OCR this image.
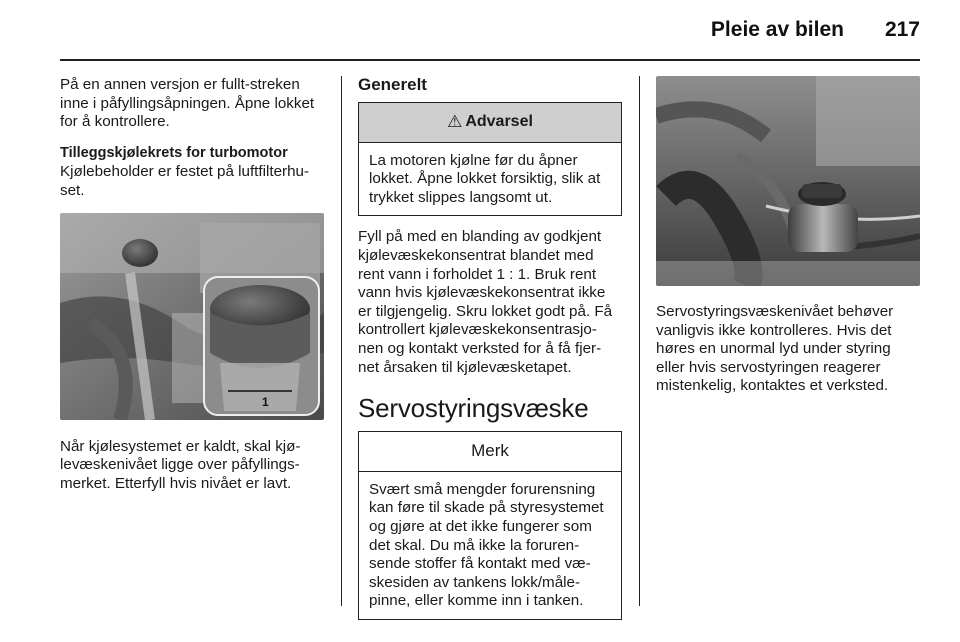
Pleie av bilen 217

På en annen versjon er fullt-streken inne i påfyllingsåpningen. Åpne lokket for å kontrollere.

Tilleggskjølekrets for turbomotor

Kjølebeholder er festet på luftfilterhu-set.

1

Når kjølesystemet er kaldt, skal kjø-levæskenivået ligge over påfyllings-merket. Etterfyll hvis nivået er lavt.

Generelt

⚠ Advarsel

La motoren kjølne før du åpner lokket. Åpne lokket forsiktig, slik at trykket slippes langsomt ut.

Fyll på med en blanding av godkjent kjølevæskekonsentrat blandet med rent vann i forholdet 1 : 1. Bruk rent vann hvis kjølevæskekonsentrat ikke er tilgjengelig. Skru lokket godt på. Få kontrollert kjølevæskekonsentrasjo-nen og kontakt verksted for å få fjer-net årsaken til kjølevæsketapet.

Servostyringsvæske

Merk

Svært små mengder forurensning kan føre til skade på styresystemet og gjøre at det ikke fungerer som det skal. Du må ikke la foruren-sende stoffer få kontakt med væ-skesiden av tankens lokk/måle-pinne, eller komme inn i tanken.

Servostyringsvæskenivået behøver vanligvis ikke kontrolleres. Hvis det høres en unormal lyd under styring eller hvis servostyringen reagerer mistenkelig, kontaktes et verksted.
